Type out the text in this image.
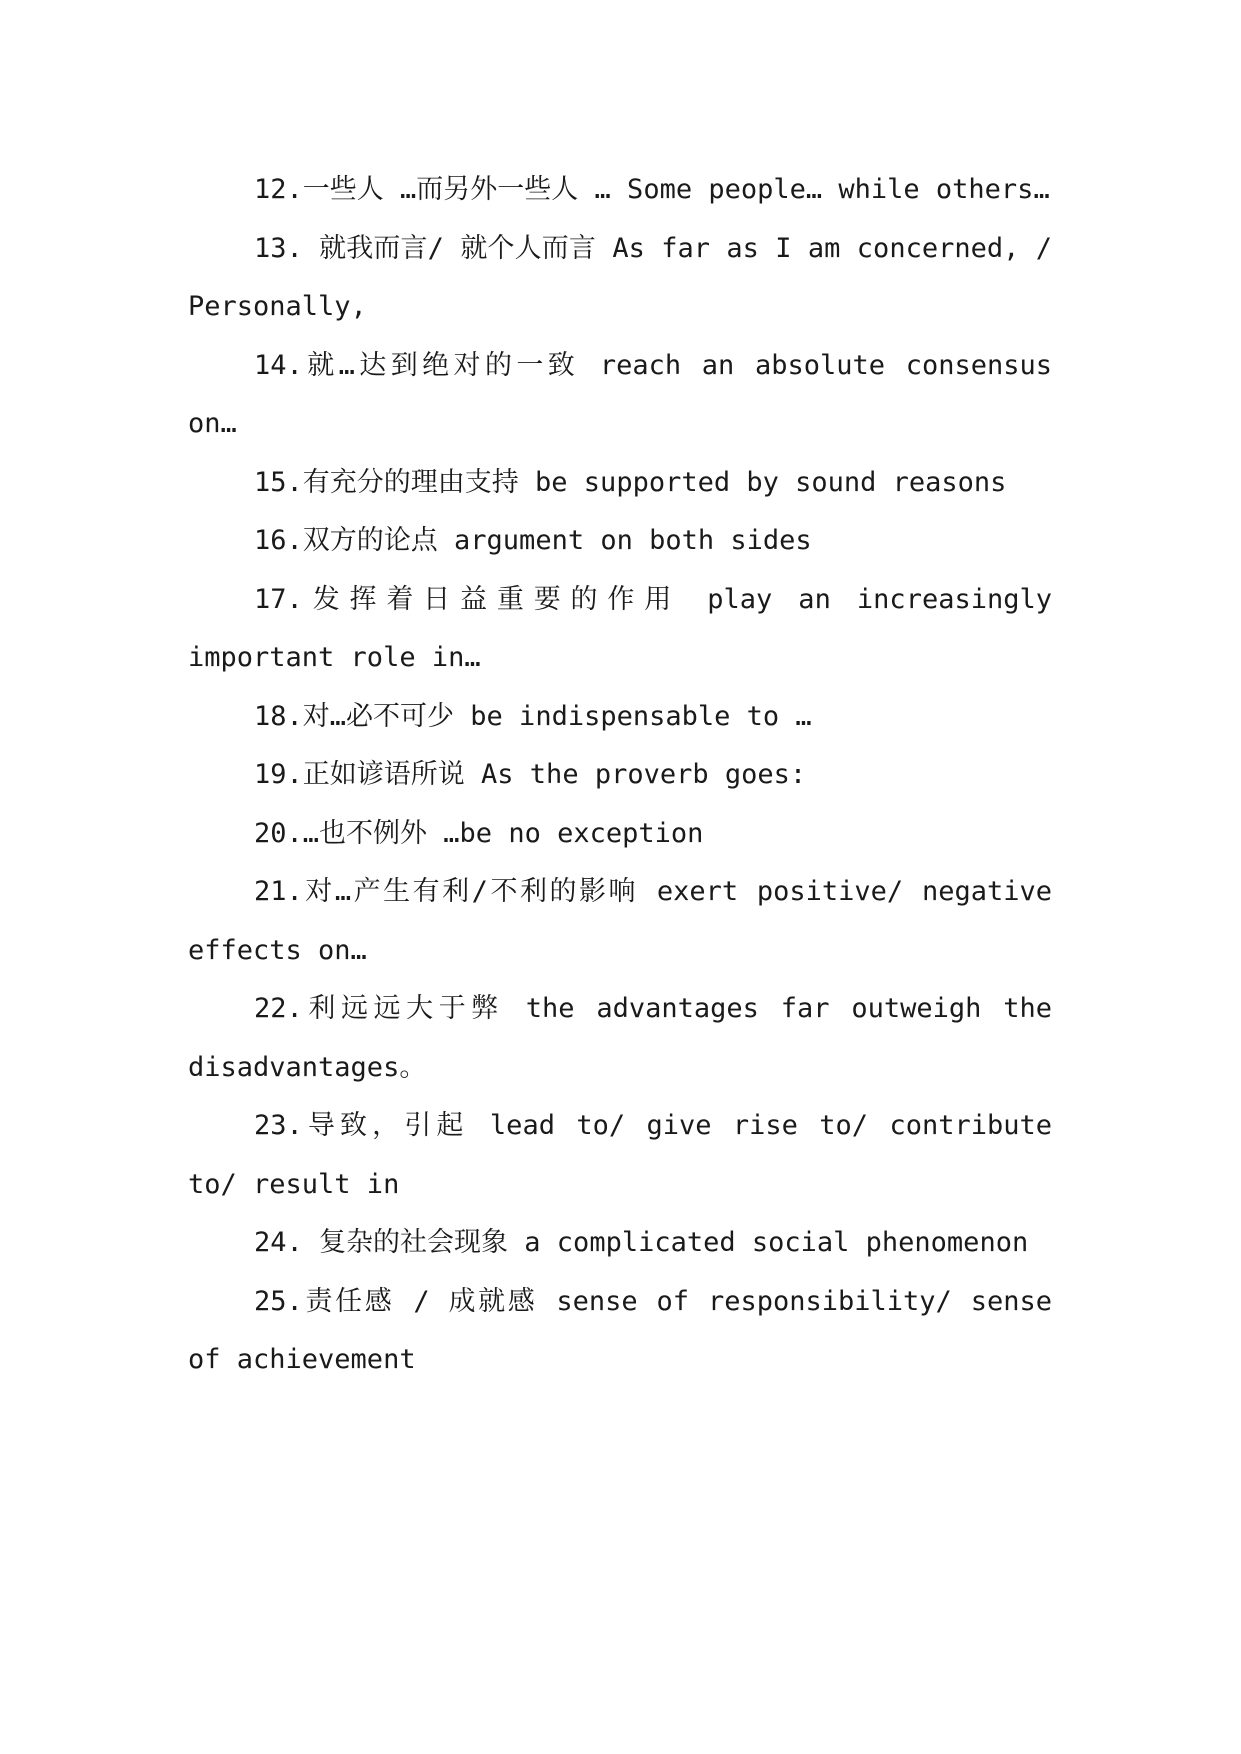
12.一些人 …而另外一些人 … Some people… while others…

13. 就我而言/ 就个人而言 As far as I am concerned, / Personally,

14.就…达到绝对的一致 reach an absolute consensus on…

15.有充分的理由支持 be supported by sound reasons

16.双方的论点 argument on both sides

17.发挥着日益重要的作用 play an increasingly important role in…

18.对…必不可少 be indispensable to …

19.正如谚语所说 As the proverb goes:

20.…也不例外 …be no exception

21.对…产生有利/不利的影响 exert positive/ negative effects on…

22.利远远大于弊 the advantages far outweigh the disadvantages。

23.导致，引起 lead to/ give rise to/ contribute to/ result in

24. 复杂的社会现象 a complicated social phenomenon

25.责任感 / 成就感 sense of responsibility/ sense of achievement
